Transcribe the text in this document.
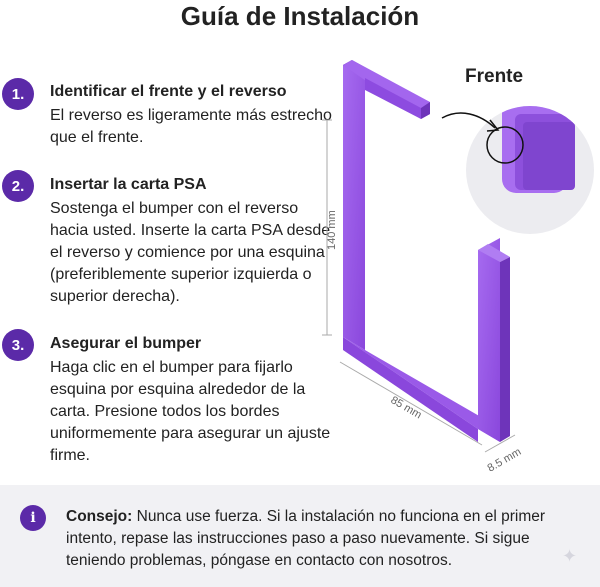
Guía de Instalación
1.	Identificar el frente y el reverso
El reverso es ligeramente más estrecho que el frente.
2.	Insertar la carta PSA
Sostenga el bumper con el reverso hacia usted. Inserte la carta PSA desde el reverso y comience por una esquina (preferiblemente superior izquierda o superior derecha).
3.	Asegurar el bumper
Haga clic en el bumper para fijarlo esquina por esquina alrededor de la carta. Presione todos los bordes uniformemente para asegurar un ajuste firme.
140 mm
85 mm
8.5 mm
Frente
i	Consejo: Nunca use fuerza. Si la instalación no funciona en el primer intento, repase las instrucciones paso a paso nuevamente. Si sigue teniendo problemas, póngase en contacto con nosotros.	✦
